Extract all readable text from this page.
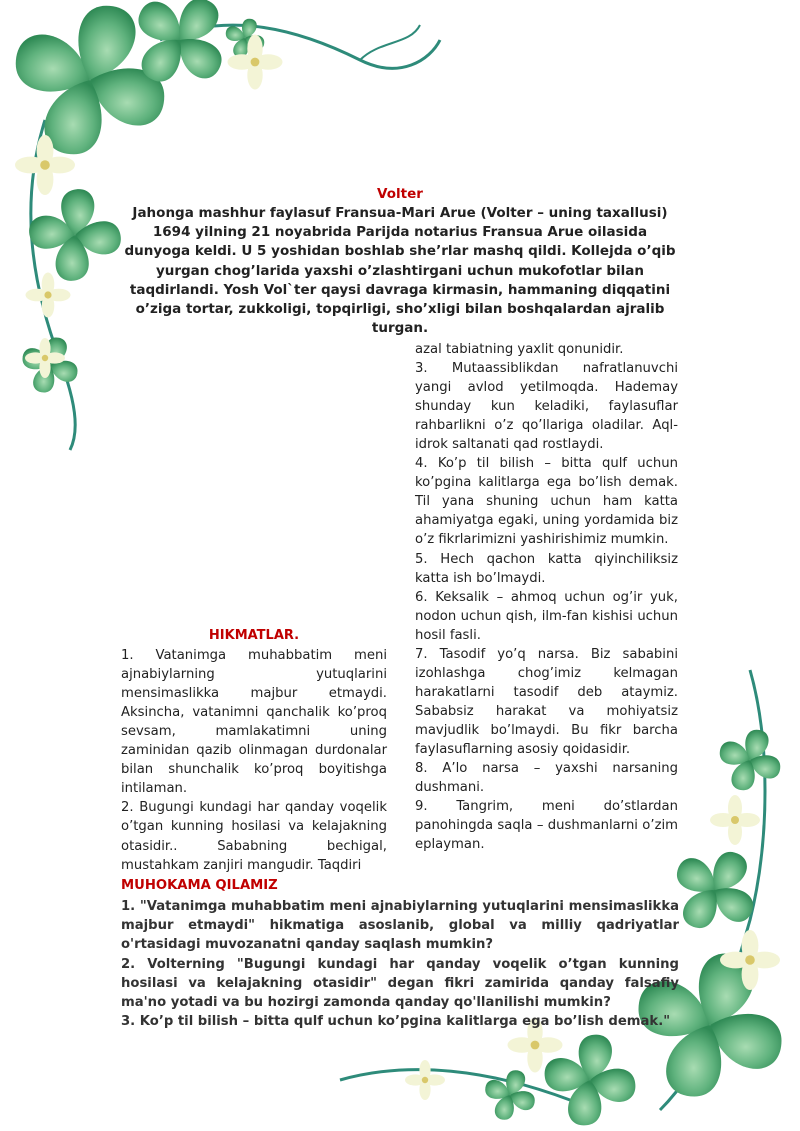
Volter

Jahonga mashhur faylasuf Fransua-Mari Arue (Volter – uning taxallusi) 1694 yilning 21 noyabrida Parijda notarius Fransua Arue oilasida dunyoga keldi. U 5 yoshidan boshlab she’rlar mashq qildi. Kollejda o’qib yurgan chog’larida yaxshi o’zlashtirgani uchun mukofotlar bilan taqdirlandi. Yosh Vol`ter qaysi davraga kirmasin, hammaning diqqatini o’ziga tortar, zukkoligi, topqirligi, sho’xligi bilan boshqalardan ajralib turgan.

HIKMATLAR.

1. Vatanimga muhabbatim meni ajnabiylarning yutuqlarini mensimaslikka majbur etmaydi. Aksincha, vatanimni qanchalik ko’proq sevsam, mamlakatimni uning zaminidan qazib olinmagan durdonalar bilan shunchalik ko’proq boyitishga intilaman.

2. Bugungi kundagi har qanday voqelik o’tgan kunning hosilasi va kelajakning otasidir.. Sababning bechigal, mustahkam zanjiri mangudir. Taqdiri

azal tabiatning yaxlit qonunidir.

3. Mutaassiblikdan nafratlanuvchi yangi avlod yetilmoqda. Hademay shunday kun keladiki, faylasuflar rahbarlikni o’z qo’llariga oladilar. Aql-idrok saltanati qad rostlaydi.

4. Ko’p til bilish – bitta qulf uchun ko’pgina kalitlarga ega bo’lish demak. Til yana shuning uchun ham katta ahamiyatga egaki, uning yordamida biz o’z fikrlarimizni yashirishimiz mumkin.

5. Hech qachon katta qiyinchiliksiz katta ish bo’lmaydi.

6. Keksalik – ahmoq uchun og’ir yuk, nodon uchun qish, ilm-fan kishisi uchun hosil fasli.

7. Tasodif yo’q narsa. Biz sababini izohlashga chog’imiz kelmagan harakatlarni tasodif deb ataymiz. Sababsiz harakat va mohiyatsiz mavjudlik bo’lmaydi. Bu fikr barcha faylasuflarning asosiy qoidasidir.

8. A’lo narsa – yaxshi narsaning dushmani.

9. Tangrim, meni do’stlardan panohingda saqla – dushmanlarni o’zim eplayman.

MUHOKAMA QILAMIZ

1. "Vatanimga muhabbatim meni ajnabiylarning yutuqlarini mensimaslikka majbur etmaydi" hikmatiga asoslanib, global va milliy qadriyatlar o'rtasidagi muvozanatni qanday saqlash mumkin?

2. Volterning "Bugungi kundagi har qanday voqelik o’tgan kunning hosilasi va kelajakning otasidir" degan fikri zamirida qanday falsafiy ma'no yotadi va bu hozirgi zamonda qanday qo'llanilishi mumkin?

3. Ko’p til bilish – bitta qulf uchun ko’pgina kalitlarga ega bo’lish demak."
